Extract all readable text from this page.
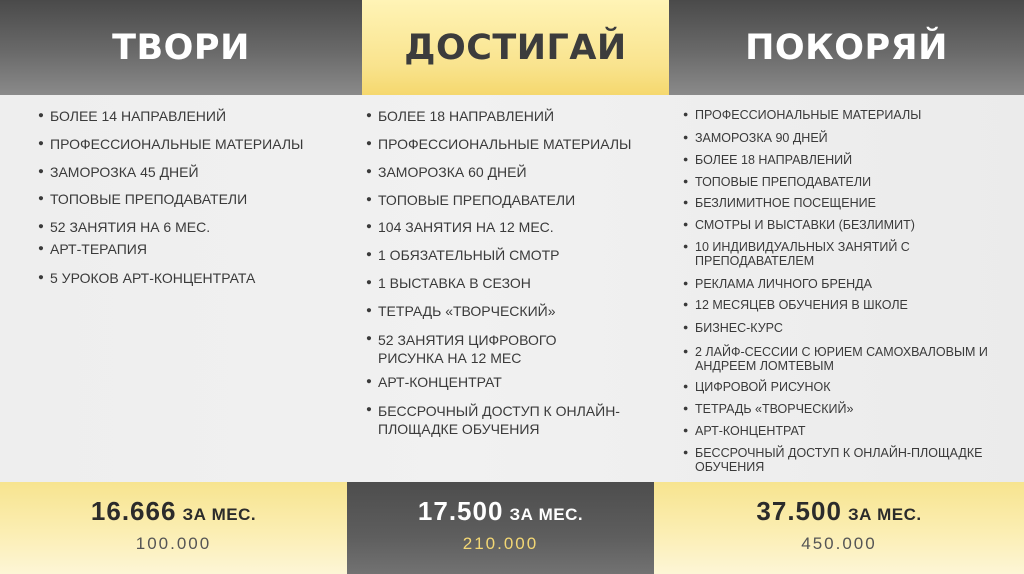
ТВОРИ	ДОСТИГАЙ	ПОКОРЯЙ
● БОЛЕЕ 14 НАПРАВЛЕНИЙ
● ПРОФЕССИОНАЛЬНЫЕ МАТЕРИАЛЫ
● ЗАМОРОЗКА 45 ДНЕЙ
● ТОПОВЫЕ ПРЕПОДАВАТЕЛИ
● 52 ЗАНЯТИЯ НА 6 МЕС.
● АРТ-ТЕРАПИЯ
● 5 УРОКОВ АРТ-КОНЦЕНТРАТА
● БОЛЕЕ 18 НАПРАВЛЕНИЙ
● ПРОФЕССИОНАЛЬНЫЕ МАТЕРИАЛЫ
● ЗАМОРОЗКА 60 ДНЕЙ
● ТОПОВЫЕ ПРЕПОДАВАТЕЛИ
● 104 ЗАНЯТИЯ НА 12 МЕС.
● 1 ОБЯЗАТЕЛЬНЫЙ СМОТР
● 1 ВЫСТАВКА В СЕЗОН
● ТЕТРАДЬ «ТВОРЧЕСКИЙ»
● 52 ЗАНЯТИЯ ЦИФРОВОГО РИСУНКА НА 12 МЕС
● АРТ-КОНЦЕНТРАТ
● БЕССРОЧНЫЙ ДОСТУП К ОНЛАЙН-ПЛОЩАДКЕ ОБУЧЕНИЯ
● ПРОФЕССИОНАЛЬНЫЕ МАТЕРИАЛЫ
● ЗАМОРОЗКА 90 ДНЕЙ
● БОЛЕЕ 18 НАПРАВЛЕНИЙ
● ТОПОВЫЕ ПРЕПОДАВАТЕЛИ
● БЕЗЛИМИТНОЕ ПОСЕЩЕНИЕ
● СМОТРЫ И ВЫСТАВКИ (БЕЗЛИМИТ)
● 10 ИНДИВИДУАЛЬНЫХ ЗАНЯТИЙ С ПРЕПОДАВАТЕЛЕМ
● РЕКЛАМА ЛИЧНОГО БРЕНДА
● 12 МЕСЯЦЕВ ОБУЧЕНИЯ В ШКОЛЕ
● БИЗНЕС-КУРС
● 2 ЛАЙФ-СЕССИИ С ЮРИЕМ САМОХВАЛОВЫМ И АНДРЕЕМ ЛОМТЕВЫМ
● ЦИФРОВОЙ РИСУНОК
● ТЕТРАДЬ «ТВОРЧЕСКИЙ»
● АРТ-КОНЦЕНТРАТ
● БЕССРОЧНЫЙ ДОСТУП К ОНЛАЙН-ПЛОЩАДКЕ ОБУЧЕНИЯ
16.666 ЗА МЕС.
100.000
17.500 ЗА МЕС.
210.000
37.500 ЗА МЕС.
450.000
